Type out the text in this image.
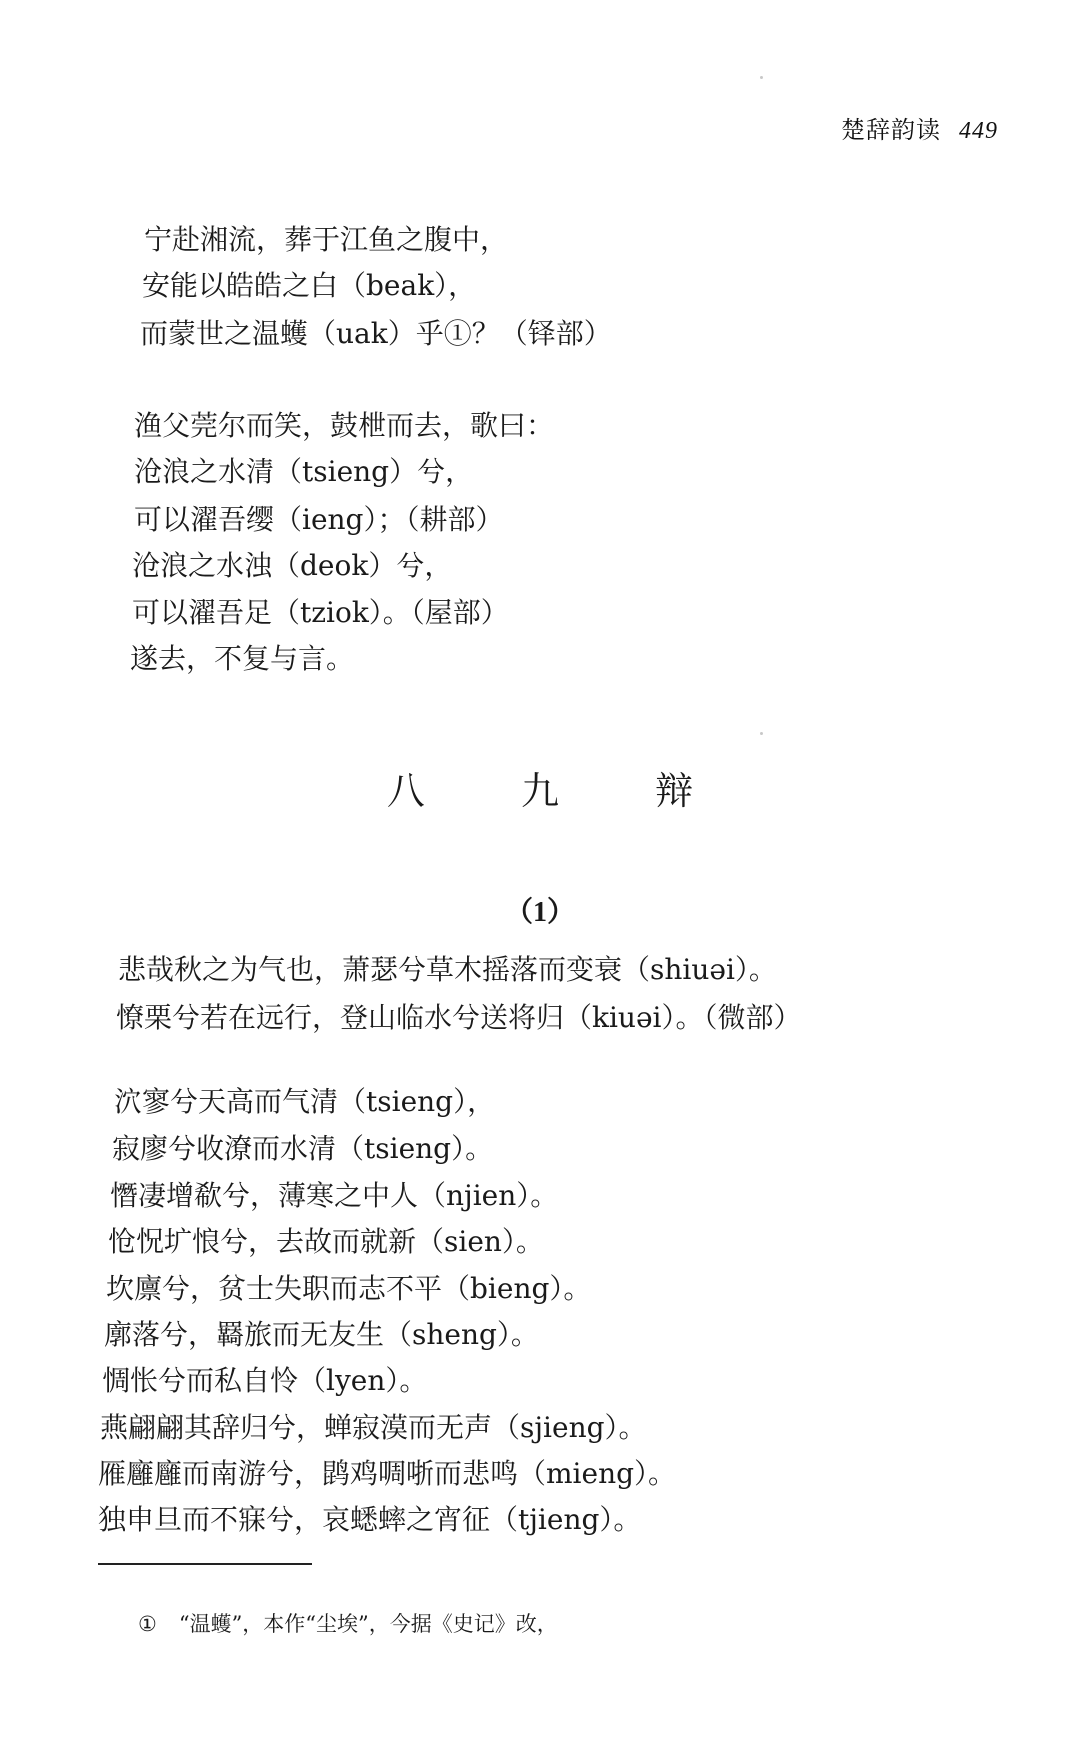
楚辞韵读 449
宁赴湘流，葬于江鱼之腹中，
安能以皓皓之白（beak），
而蒙世之温蠖（uak）乎①？（铎部）
渔父莞尔而笑，鼓枻而去，歌曰：
沧浪之水清（tsieng）兮，
可以濯吾缨（ieng）；（耕部）
沧浪之水浊（deok）兮，
可以濯吾足（tziok）。（屋部）
遂去，不复与言。
八 九 辩
（1）
悲哉秋之为气也，萧瑟兮草木摇落而变衰（shiuəi）。
憭栗兮若在远行，登山临水兮送将归（kiuəi）。（微部）
泬寥兮天高而气清（tsieng），
寂廖兮收潦而水清（tsieng）。
憯凄增欷兮，薄寒之中人（njien）。
怆怳圹悢兮，去故而就新（sien）。
坎廪兮，贫士失职而志不平（bieng）。
廓落兮，羇旅而无友生（sheng）。
惆怅兮而私自怜（lyen）。
燕翩翩其辞归兮，蝉寂漠而无声（sjieng）。
雁廱廱而南游兮，鹍鸡啁哳而悲鸣（mieng）。
独申旦而不寐兮，哀蟋蟀之宵征（tjieng）。
① “温蠖”，本作“尘埃”，今据《史记》改，
